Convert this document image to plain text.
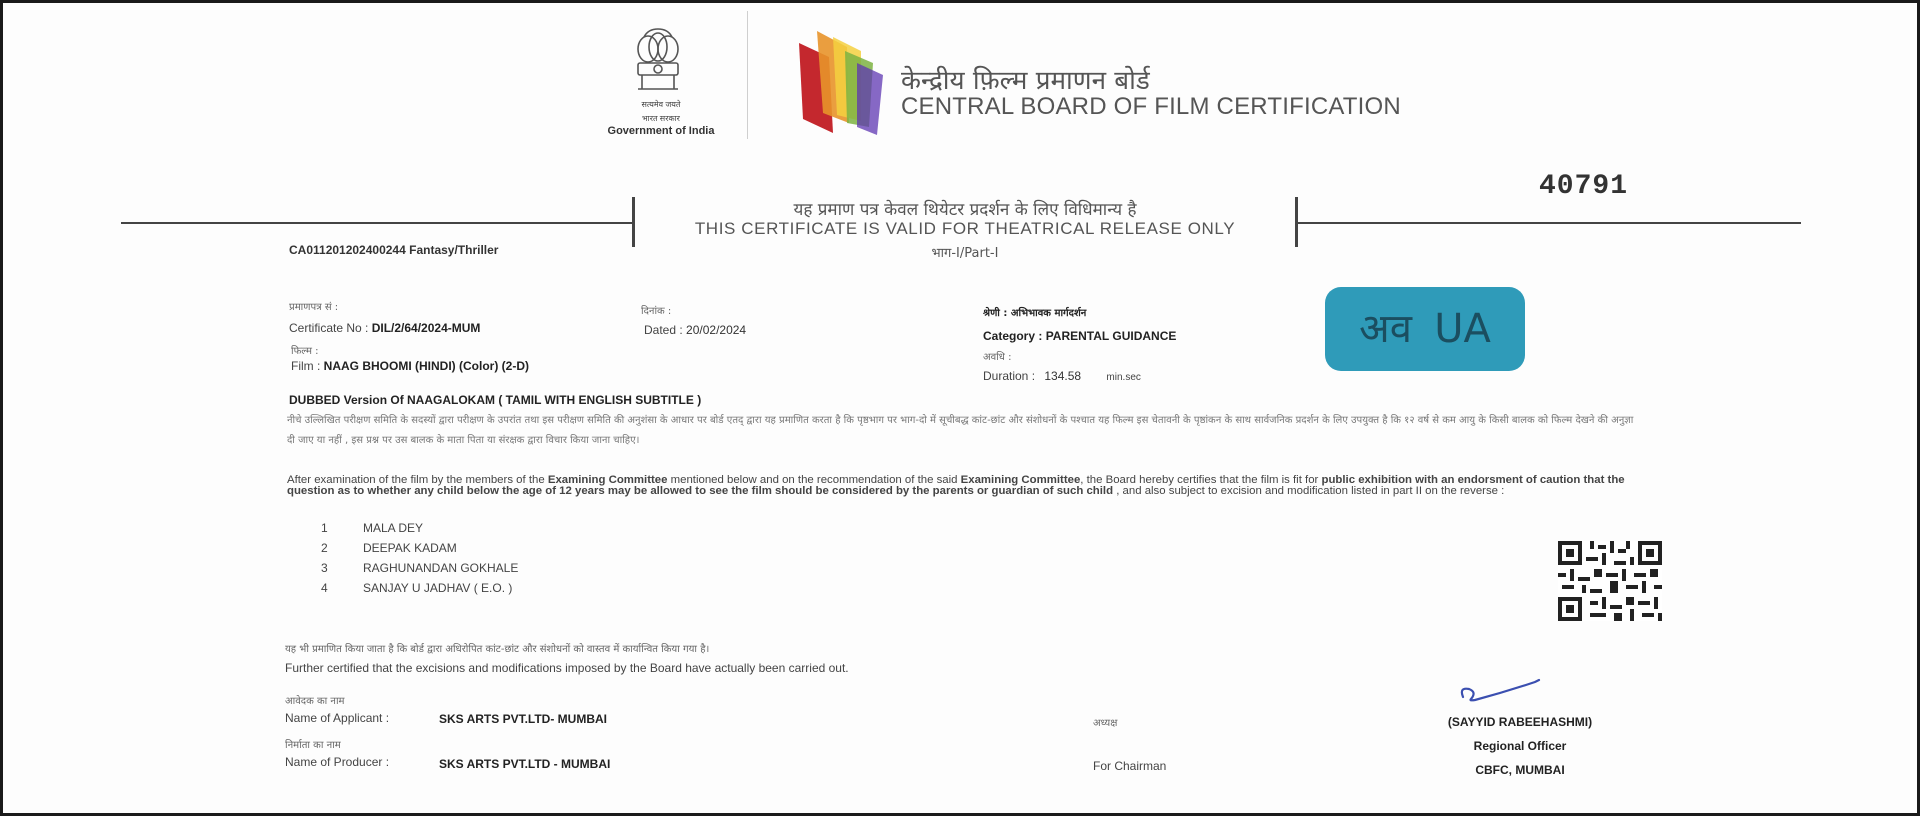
सत्यमेव जयते
भारत सरकार
Government of India
केन्द्रीय फ़िल्म प्रमाणन बोर्ड
CENTRAL BOARD OF FILM CERTIFICATION
40791
यह प्रमाण पत्र केवल थियेटर प्रदर्शन के लिए विधिमान्य है
THIS CERTIFICATE IS VALID FOR THEATRICAL RELEASE ONLY
भाग-I/Part-I
CA011201202400244 Fantasy/Thriller
प्रमाणपत्र सं :
Certificate No : DIL/2/64/2024-MUM
दिनांक :
Dated : 20/02/2024
फिल्म :
Film : NAAG BHOOMI (HINDI) (Color) (2-D)
श्रेणी : अभिभावक मार्गदर्शन
Category : PARENTAL GUIDANCE
अवधि :
Duration : 134.58	min.sec
अव UA
DUBBED Version Of NAAGALOKAM ( TAMIL WITH ENGLISH SUBTITLE )
नीचे उल्लिखित परीक्षण समिति के सदस्यों द्वारा परीक्षण के उपरांत तथा इस परीक्षण समिति की अनुशंसा के आधार पर बोर्ड एतद् द्वारा यह प्रमाणित करता है कि पृष्ठभाग पर भाग-दो में सूचीबद्ध कांट-छांट और संशोधनों के पश्चात यह फिल्म इस चेतावनी के पृष्ठांकन के साथ सार्वजनिक प्रदर्शन के लिए उपयुक्त है कि १२ वर्ष से कम आयु के किसी बालक को फिल्म देखने की अनुज्ञा दी जाए या नहीं , इस प्रश्न पर उस बालक के माता पिता या संरक्षक द्वारा विचार किया जाना चाहिए।
After examination of the film by the members of the Examining Committee mentioned below and on the recommendation of the said Examining Committee, the Board hereby certifies that the film is fit for public exhibition with an endorsment of caution that the question as to whether any child below the age of 12 years may be allowed to see the film should be considered by the parents or guardian of such child , and also subject to excision and modification listed in part II on the reverse :
1	MALA DEY
2	DEEPAK KADAM
3	RAGHUNANDAN GOKHALE
4	SANJAY U JADHAV ( E.O. )
यह भी प्रमाणित किया जाता है कि बोर्ड द्वारा अधिरोपित कांट-छांट और संशोधनों को वास्तव में कार्यान्वित किया गया है।
Further certified that the excisions and modifications imposed by the Board have actually been carried out.
आवेदक का नाम
Name of Applicant :	SKS ARTS PVT.LTD- MUMBAI
निर्माता का नाम
Name of Producer :	SKS ARTS PVT.LTD - MUMBAI
अध्यक्ष
For Chairman
(SAYYID RABEEHASHMI)
Regional Officer
CBFC, MUMBAI
